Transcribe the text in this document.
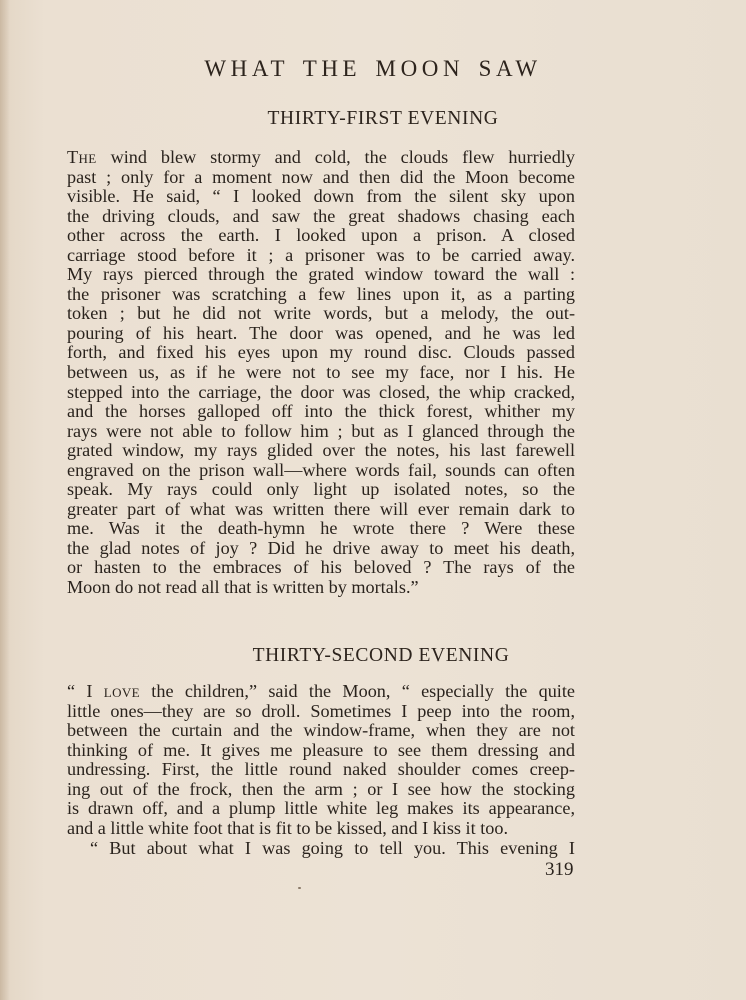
WHAT THE MOON SAW
THIRTY-FIRST EVENING

The wind blew stormy and cold, the clouds flew hurriedly
past ; only for a moment now and then did the Moon become
visible. He said, “ I looked down from the silent sky upon
the driving clouds, and saw the great shadows chasing each
other across the earth. I looked upon a prison. A closed
carriage stood before it ; a prisoner was to be carried away.
My rays pierced through the grated window toward the wall :
the prisoner was scratching a few lines upon it, as a parting
token ; but he did not write words, but a melody, the out-
pouring of his heart. The door was opened, and he was led
forth, and fixed his eyes upon my round disc. Clouds passed
between us, as if he were not to see my face, nor I his. He
stepped into the carriage, the door was closed, the whip cracked,
and the horses galloped off into the thick forest, whither my
rays were not able to follow him ; but as I glanced through the
grated window, my rays glided over the notes, his last farewell
engraved on the prison wall—where words fail, sounds can often
speak. My rays could only light up isolated notes, so the
greater part of what was written there will ever remain dark to
me. Was it the death-hymn he wrote there ? Were these
the glad notes of joy ? Did he drive away to meet his death,
or hasten to the embraces of his beloved ? The rays of the
Moon do not read all that is written by mortals.”

THIRTY-SECOND EVENING

“ I love the children,” said the Moon, “ especially the quite
little ones—they are so droll. Sometimes I peep into the room,
between the curtain and the window-frame, when they are not
thinking of me. It gives me pleasure to see them dressing and
undressing. First, the little round naked shoulder comes creep-
ing out of the frock, then the arm ; or I see how the stocking
is drawn off, and a plump little white leg makes its appearance,
and a little white foot that is fit to be kissed, and I kiss it too.

“ But about what I was going to tell you. This evening I

319
